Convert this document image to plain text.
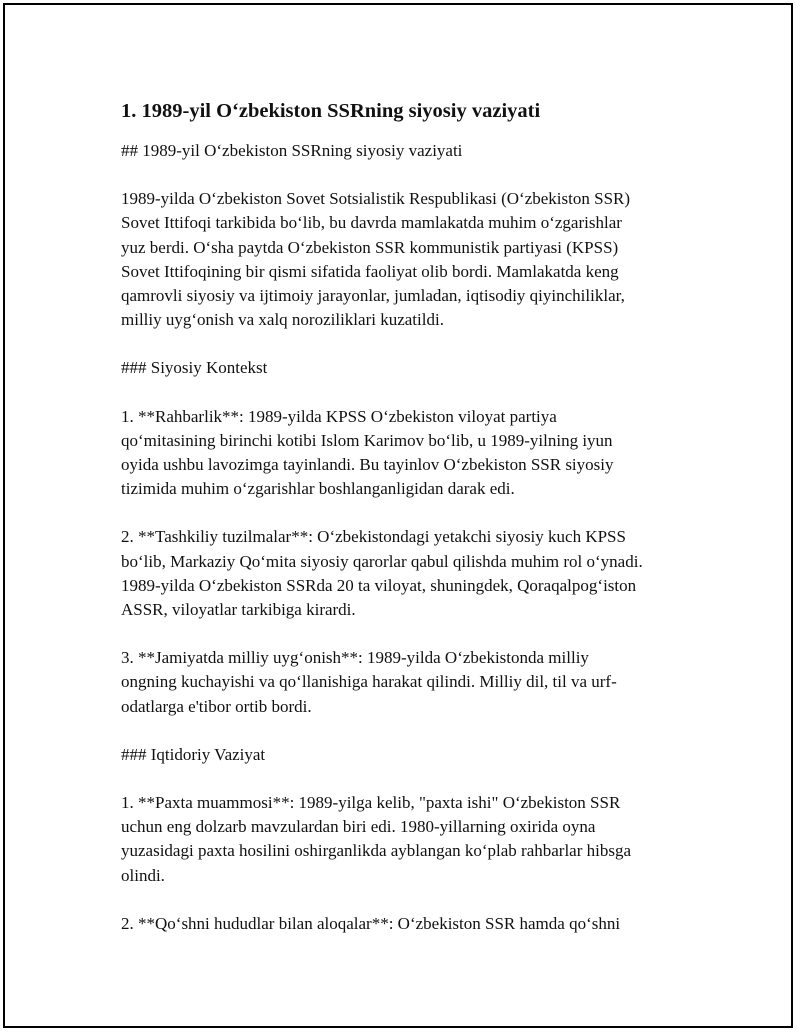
1. 1989-yil O‘zbekiston SSRning siyosiy vaziyati

## 1989-yil O‘zbekiston SSRning siyosiy vaziyati

1989-yilda O‘zbekiston Sovet Sotsialistik Respublikasi (O‘zbekiston SSR)
Sovet Ittifoqi tarkibida bo‘lib, bu davrda mamlakatda muhim o‘zgarishlar
yuz berdi. O‘sha paytda O‘zbekiston SSR kommunistik partiyasi (KPSS)
Sovet Ittifoqining bir qismi sifatida faoliyat olib bordi. Mamlakatda keng
qamrovli siyosiy va ijtimoiy jarayonlar, jumladan, iqtisodiy qiyinchiliklar,
milliy uyg‘onish va xalq noroziliklari kuzatildi.

### Siyosiy Kontekst

1. **Rahbarlik**: 1989-yilda KPSS O‘zbekiston viloyat partiya
qo‘mitasining birinchi kotibi Islom Karimov bo‘lib, u 1989-yilning iyun
oyida ushbu lavozimga tayinlandi. Bu tayinlov O‘zbekiston SSR siyosiy
tizimida muhim o‘zgarishlar boshlanganligidan darak edi.

2. **Tashkiliy tuzilmalar**: O‘zbekistondagi yetakchi siyosiy kuch KPSS
bo‘lib, Markaziy Qo‘mita siyosiy qarorlar qabul qilishda muhim rol o‘ynadi.
1989-yilda O‘zbekiston SSRda 20 ta viloyat, shuningdek, Qoraqalpog‘iston
ASSR, viloyatlar tarkibiga kirardi.

3. **Jamiyatda milliy uyg‘onish**: 1989-yilda O‘zbekistonda milliy
ongning kuchayishi va qo‘llanishiga harakat qilindi. Milliy dil, til va urf-
odatlarga e'tibor ortib bordi.

### Iqtidoriy Vaziyat

1. **Paxta muammosi**: 1989-yilga kelib, "paxta ishi" O‘zbekiston SSR
uchun eng dolzarb mavzulardan biri edi. 1980-yillarning oxirida oyna
yuzasidagi paxta hosilini oshirganlikda ayblangan ko‘plab rahbarlar hibsga
olindi.

2. **Qo‘shni hududlar bilan aloqalar**: O‘zbekiston SSR hamda qo‘shni
